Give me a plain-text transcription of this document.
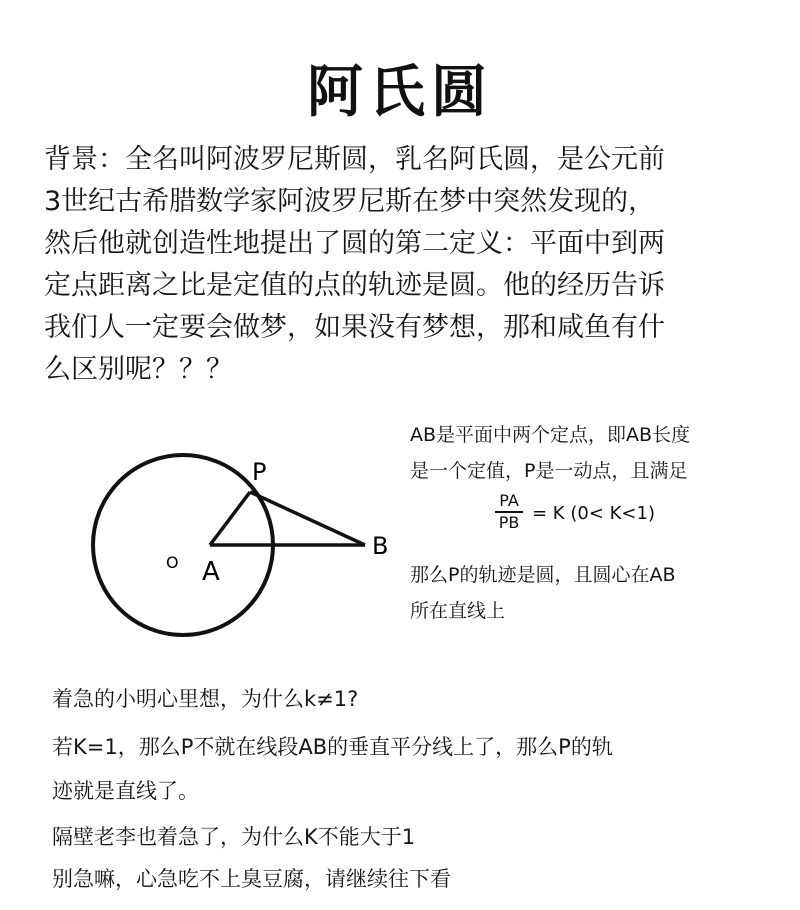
阿氏圆
背景：全名叫阿波罗尼斯圆，乳名阿氏圆，是公元前
3世纪古希腊数学家阿波罗尼斯在梦中突然发现的，
然后他就创造性地提出了圆的第二定义：平面中到两
定点距离之比是定值的点的轨迹是圆。他的经历告诉
我们人一定要会做梦，如果没有梦想，那和咸鱼有什
么区别呢？？？
P
A
B
O
AB是平面中两个定点，即AB长度
是一个定值，P是一动点，且满足
PA
PB = K (0< K<1)
那么P的轨迹是圆，且圆心在AB
所在直线上
着急的小明心里想，为什么k≠1?
若K=1，那么P不就在线段AB的垂直平分线上了，那么P的轨
迹就是直线了。
隔壁老李也着急了，为什么K不能大于1
别急嘛，心急吃不上臭豆腐，请继续往下看
